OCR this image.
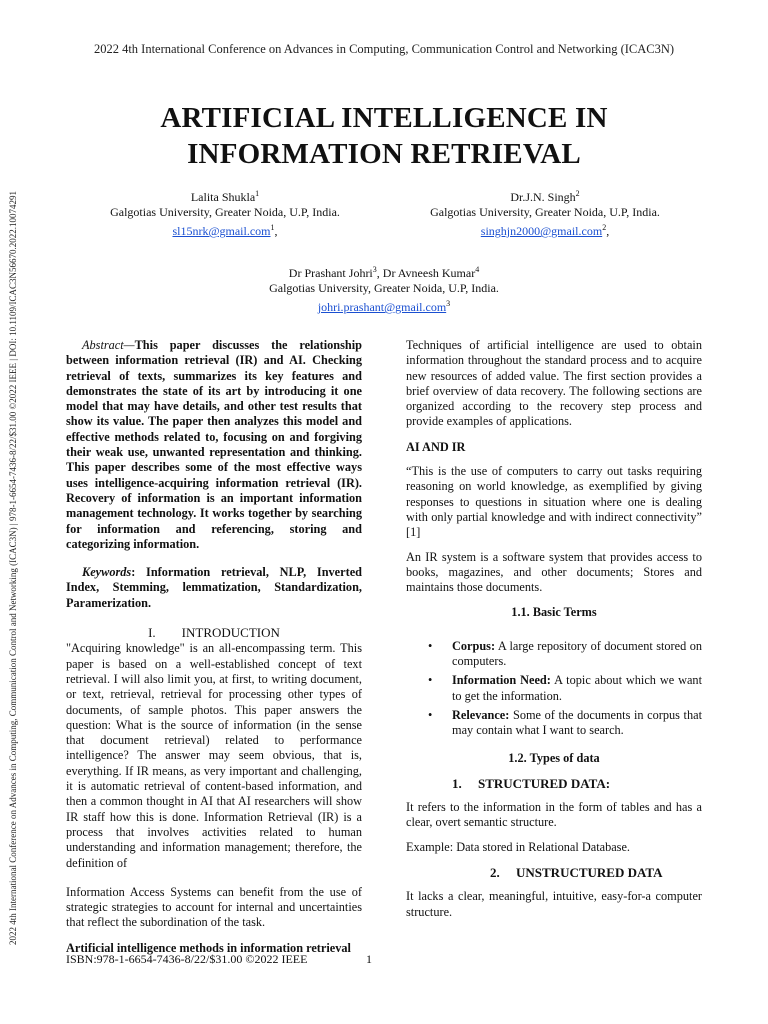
2022 4th International Conference on Advances in Computing, Communication Control and Networking (ICAC3N)
2022 4th International Conference on Advances in Computing, Communication Control and Networking (ICAC3N) | 978-1-6654-7436-8/22/$31.00 ©2022 IEEE | DOI: 10.1109/ICAC3N56670.2022.10074291
ARTIFICIAL INTELLIGENCE IN
INFORMATION RETRIEVAL
Lalita Shukla$^1$
Galgotias University, Greater Noida, U.P, India.
sl15nrk@gmail.com$^1$,
Dr.J.N. Singh$^2$
Galgotias University, Greater Noida, U.P, India.
singhjn2000@gmail.com$^2$,
Dr Prashant Johri$^3$, Dr Avneesh Kumar$^4$
Galgotias University, Greater Noida, U.P, India.
johri.prashant@gmail.com$^3$

Abstract—This paper discusses the relationship between information retrieval (IR) and AI. Checking retrieval of texts, summarizes its key features and demonstrates the state of its art by introducing it one model that may have details, and other test results that show its value. The paper then analyzes this model and effective methods related to, focusing on and forgiving their weak use, unwanted representation and thinking. This paper describes some of the most effective ways uses intelligence-acquiring information retrieval (IR). Recovery of information is an important information management technology. It works together by searching for information and referencing, storing and categorizing information.

Keywords: Information retrieval, NLP, Inverted Index, Stemming, lemmatization, Standardization, Paramerization.

I.        INTRODUCTION

"Acquiring knowledge" is an all-encompassing term. This paper is based on a well-established concept of text retrieval. I will also limit you, at first, to writing document, or text, retrieval, retrieval for processing other types of documents, of sample photos. This paper answers the question: What is the source of information (in the sense that document retrieval) related to performance intelligence? The answer may seem obvious, that is, everything. If IR means, as very important and challenging, it is automatic retrieval of content-based information, and then a common thought in AI that AI researchers will show IR staff how this is done. Information Retrieval (IR) is a process that involves activities related to human understanding and information management; therefore, the definition of

Information Access Systems can benefit from the use of strategic strategies to account for internal and uncertainties that reflect the subordination of the task.

Artificial intelligence methods in information retrieval

Techniques of artificial intelligence are used to obtain information throughout the standard process and to acquire new resources of added value. The first section provides a brief overview of data recovery. The following sections are organized according to the recovery step process and provide examples of applications.

AI AND IR

“This is the use of computers to carry out tasks requiring reasoning on world knowledge, as exemplified by giving responses to questions in situation where one is dealing with only partial knowledge and with indirect connectivity” [1]

An IR system is a software system that provides access to books, magazines, and other documents; Stores and maintains those documents.

1.1. Basic Terms

• Corpus: A large repository of document stored on computers.
• Information Need: A topic about which we want to get the information.
• Relevance: Some of the documents in corpus that may contain what I want to search.

1.2. Types of data

1.     STRUCTURED DATA:

It refers to the information in the form of tables and has a clear, overt semantic structure.

Example: Data stored in Relational Database.

2.     UNSTRUCTURED DATA

It lacks a clear, meaningful, intuitive, easy-for-a computer structure.

ISBN:978-1-6654-7436-8/22/$31.00 ©2022 IEEE	1
